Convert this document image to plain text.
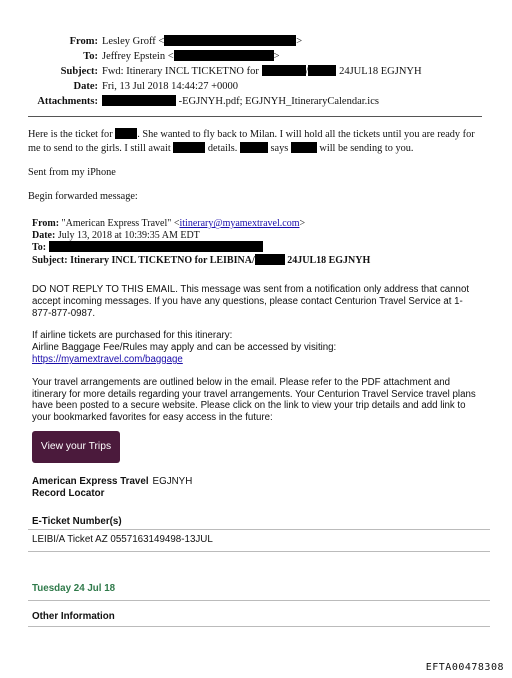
From: Lesley Groff <	>
To: Jeffrey Epstein <	>
Subject: Fwd: Itinerary INCL TICKETNO for	/	24JUL18 EGJNYH
Date: Fri, 13 Jul 2018 14:44:27 +0000
Attachments:	-EGJNYH.pdf; EGJNYH_ItineraryCalendar.ics

Here is the ticket for . She wanted to fly back to Milan. I will hold all the tickets until you are ready for me to send to the girls. I still await	details.	says	will be sending to you.

Sent from my iPhone

Begin forwarded message:

From: "American Express Travel" <itinerary@myamextravel.com>
Date: July 13, 2018 at 10:39:35 AM EDT
To:
Subject: Itinerary INCL TICKETNO for LEIBINA/	24JUL18 EGJNYH

DO NOT REPLY TO THIS EMAIL. This message was sent from a notification only address that cannot accept incoming messages. If you have any questions, please contact Centurion Travel Service at 1-877-877-0987.

If airline tickets are purchased for this itinerary:
Airline Baggage Fee/Rules may apply and can be accessed by visiting:
https://myamextravel.com/baggage

Your travel arrangements are outlined below in the email. Please refer to the PDF attachment and itinerary for more details regarding your travel arrangements. Your Centurion Travel Service travel plans have been posted to a secure website. Please click on the link to view your trip details and add link to your bookmarked favorites for easy access in the future:

View your Trips
American Express Travel EGJNYH
Record Locator
E-Ticket Number(s)
LEIBI/A Ticket AZ 0557163149498-13JUL
Tuesday 24 Jul 18
Other Information
EFTA00478308
